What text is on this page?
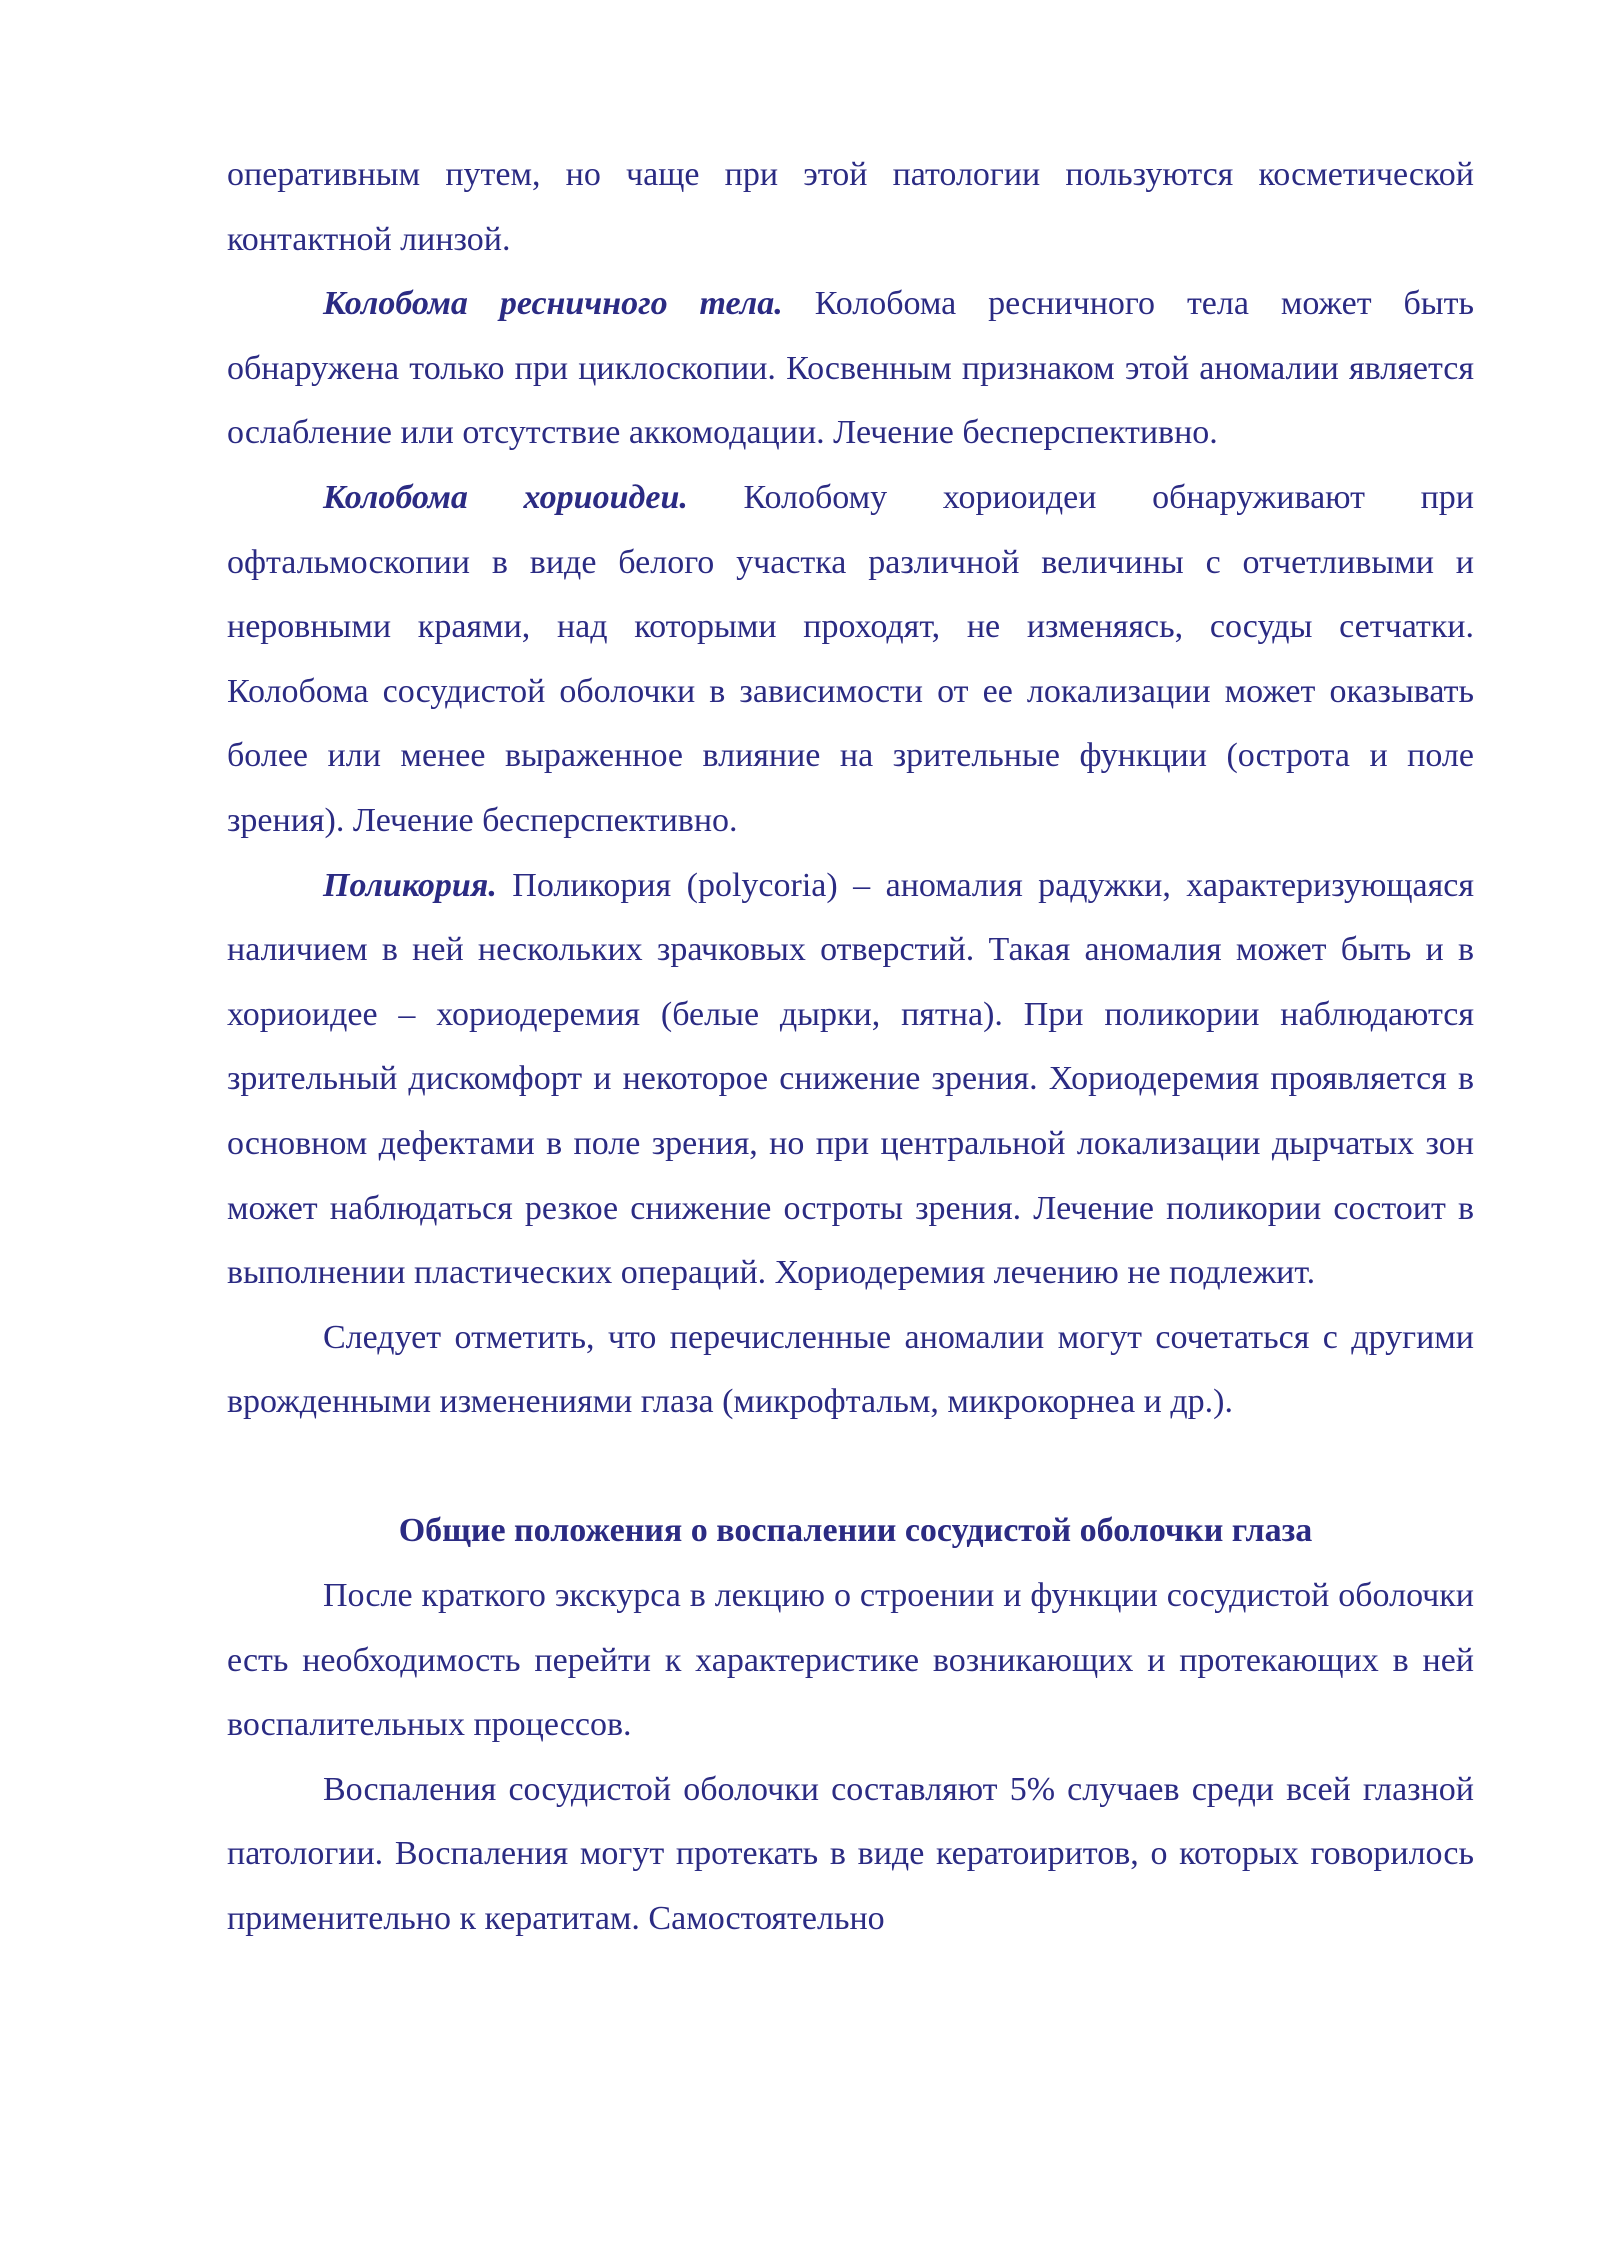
оперативным путем, но чаще при этой патологии пользуются косметической контактной линзой.

Колобома ресничного тела. Колобома ресничного тела может быть обнаружена только при циклоскопии. Косвенным признаком этой аномалии является ослабление или отсутствие аккомодации. Лечение бесперспективно.

Колобома хориоидеи. Колобому хориоидеи обнаруживают при офтальмоскопии в виде белого участка различной величины с отчетливыми и неровными краями, над которыми проходят, не изменяясь, сосуды сетчатки. Колобома сосудистой оболочки в зависимости от ее локализации может оказывать более или менее выраженное влияние на зрительные функции (острота и поле зрения). Лечение бесперспективно.

Поликория. Поликория (polycoria) – аномалия радужки, характеризующаяся наличием в ней нескольких зрачковых отверстий. Такая аномалия может быть и в хориоидее – хориодеремия (белые дырки, пятна). При поликории наблюдаются зрительный дискомфорт и некоторое снижение зрения. Хориодеремия проявляется в основном дефектами в поле зрения, но при центральной локализации дырчатых зон может наблюдаться резкое снижение остроты зрения. Лечение поликории состоит в выполнении пластических операций. Хориодеремия лечению не подлежит.

Следует отметить, что перечисленные аномалии могут сочетаться с другими врожденными изменениями глаза (микрофтальм, микрокорнеа и др.).

Общие положения о воспалении сосудистой оболочки глаза

После краткого экскурса в лекцию о строении и функции сосудистой оболочки есть необходимость перейти к характеристике возникающих и протекающих в ней воспалительных процессов.

Воспаления сосудистой оболочки составляют 5% случаев среди всей глазной патологии. Воспаления могут протекать в виде кератоиритов, о которых говорилось применительно к кератитам. Самостоятельно
